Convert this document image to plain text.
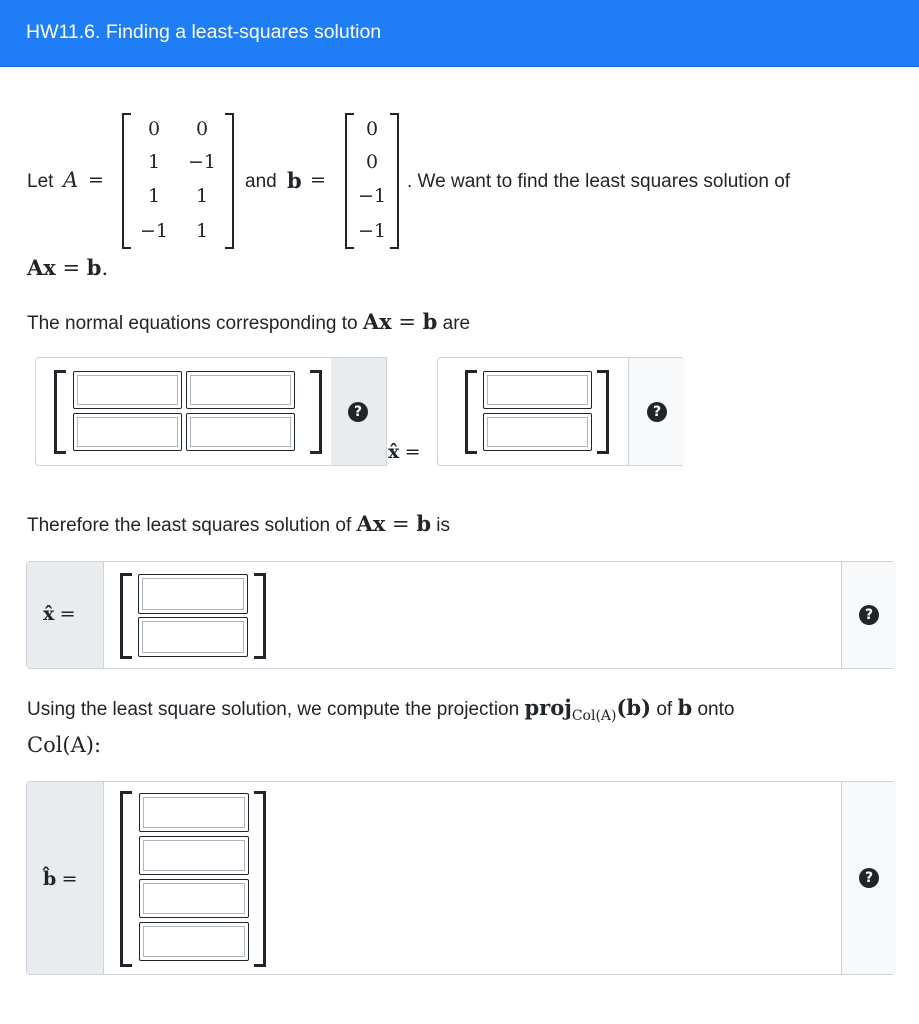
HW11.6. Finding a least-squares solution
Let A =
0	0
1	−1
1	1
−1	1
and b =
0
0
−1
−1
. We want to find the least squares solution of
Ax = b.
The normal equations corresponding to Ax = b are
?
x̂ =
?
Therefore the least squares solution of Ax = b is
x̂ =	?
Using the least square solution, we compute the projection proj$_{Col(A)}$(b) of b onto
Col(A):
b̂ =	?
